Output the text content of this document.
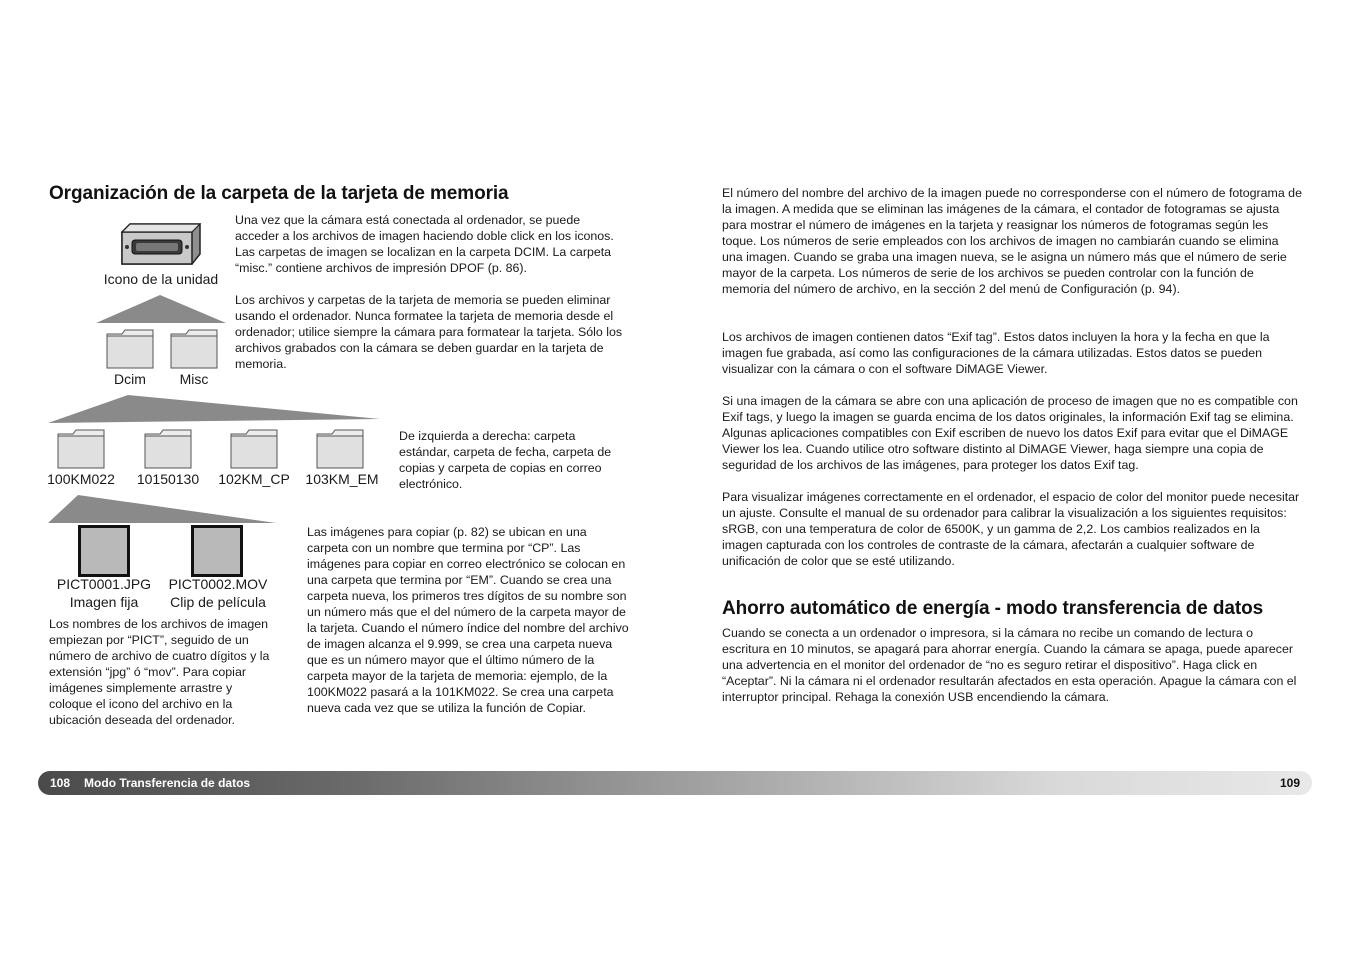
Organización de la carpeta de la tarjeta de memoria
Icono de la unidad
Dcim	Misc
100KM022	10150130	102KM_CP	103KM_EM
PICT0001.JPG
Imagen fija
PICT0002.MOV
Clip de película

Una vez que la cámara está conectada al ordenador, se puede acceder a los archivos de imagen haciendo doble click en los iconos. Las carpetas de imagen se localizan en la carpeta DCIM. La carpeta “misc.” contiene archivos de impresión DPOF (p. 86).

Los archivos y carpetas de la tarjeta de memoria se pueden eliminar usando el ordenador. Nunca formatee la tarjeta de memoria desde el ordenador; utilice siempre la cámara para formatear la tarjeta. Sólo los archivos grabados con la cámara se deben guardar en la tarjeta de memoria.

De izquierda a derecha: carpeta estándar, carpeta de fecha, carpeta de copias y carpeta de copias en correo electrónico.

Los nombres de los archivos de imagen empiezan por “PICT”, seguido de un número de archivo de cuatro dígitos y la extensión “jpg” ó “mov”. Para copiar imágenes simplemente arrastre y coloque el icono del archivo en la ubicación deseada del ordenador.

Las imágenes para copiar (p. 82) se ubican en una carpeta con un nombre que termina por “CP”. Las imágenes para copiar en correo electrónico se colocan en una carpeta que termina por “EM”. Cuando se crea una carpeta nueva, los primeros tres dígitos de su nombre son un número más que el del número de la carpeta mayor de la tarjeta. Cuando el número índice del nombre del archivo de imagen alcanza el 9.999, se crea una carpeta nueva que es un número mayor que el último número de la carpeta mayor de la tarjeta de memoria: ejemplo, de la 100KM022 pasará a la 101KM022. Se crea una carpeta nueva cada vez que se utiliza la función de Copiar.

El número del nombre del archivo de la imagen puede no corresponderse con el número de fotograma de la imagen. A medida que se eliminan las imágenes de la cámara, el contador de fotogramas se ajusta para mostrar el número de imágenes en la tarjeta y reasignar los números de fotogramas según les toque. Los números de serie empleados con los archivos de imagen no cambiarán cuando se elimina una imagen. Cuando se graba una imagen nueva, se le asigna un número más que el número de serie mayor de la carpeta. Los números de serie de los archivos se pueden controlar con la función de memoria del número de archivo, en la sección 2 del menú de Configuración (p. 94).

Los archivos de imagen contienen datos “Exif tag”. Estos datos incluyen la hora y la fecha en que la imagen fue grabada, así como las configuraciones de la cámara utilizadas. Estos datos se pueden visualizar con la cámara o con el software DiMAGE Viewer.

Si una imagen de la cámara se abre con una aplicación de proceso de imagen que no es compatible con Exif tags, y luego la imagen se guarda encima de los datos originales, la información Exif tag se elimina. Algunas aplicaciones compatibles con Exif escriben de nuevo los datos Exif para evitar que el DiMAGE Viewer los lea. Cuando utilice otro software distinto al DiMAGE Viewer, haga siempre una copia de seguridad de los archivos de las imágenes, para proteger los datos Exif tag.

Para visualizar imágenes correctamente en el ordenador, el espacio de color del monitor puede necesitar un ajuste. Consulte el manual de su ordenador para calibrar la visualización a los siguientes requisitos: sRGB, con una temperatura de color de 6500K, y un gamma de 2,2. Los cambios realizados en la imagen capturada con los controles de contraste de la cámara, afectarán a cualquier software de unificación de color que se esté utilizando.

Ahorro automático de energía - modo transferencia de datos

Cuando se conecta a un ordenador o impresora, si la cámara no recibe un comando de lectura o escritura en 10 minutos, se apagará para ahorrar energía. Cuando la cámara se apaga, puede aparecer una advertencia en el monitor del ordenador de “no es seguro retirar el dispositivo”. Haga click en “Aceptar”. Ni la cámara ni el ordenador resultarán afectados en esta operación. Apague la cámara con el interruptor principal. Rehaga la conexión USB encendiendo la cámara.

108 Modo Transferencia de datos	109
